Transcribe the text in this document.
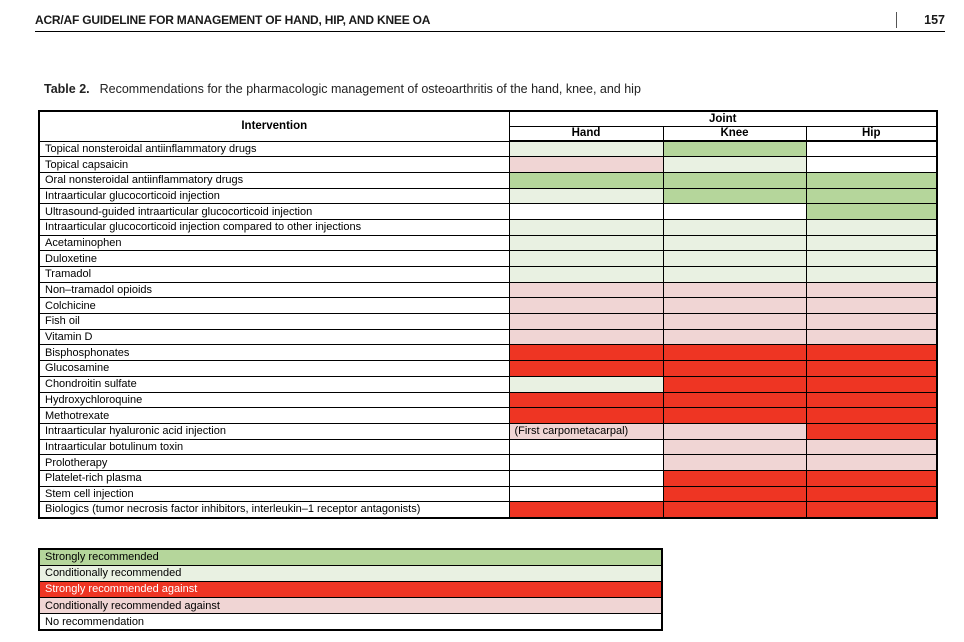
ACR/AF GUIDELINE FOR MANAGEMENT OF HAND, HIP, AND KNEE OA	157
Table 2. Recommendations for the pharmacologic management of osteoarthritis of the hand, knee, and hip
Intervention	Joint		
	Hand	Knee	Hip
Topical nonsteroidal antiinflammatory drugs			
Topical capsaicin			
Oral nonsteroidal antiinflammatory drugs			
Intraarticular glucocorticoid injection			
Ultrasound-guided intraarticular glucocorticoid injection			
Intraarticular glucocorticoid injection compared to other injections			
Acetaminophen			
Duloxetine			
Tramadol			
Non–tramadol opioids			
Colchicine			
Fish oil			
Vitamin D			
Bisphosphonates			
Glucosamine			
Chondroitin sulfate			
Hydroxychloroquine			
Methotrexate			
Intraarticular hyaluronic acid injection	(First carpometacarpal)		
Intraarticular botulinum toxin			
Prolotherapy			
Platelet-rich plasma			
Stem cell injection			
Biologics (tumor necrosis factor inhibitors, interleukin–1 receptor antagonists)			
Strongly recommended
Conditionally recommended
Strongly recommended against
Conditionally recommended against
No recommendation
